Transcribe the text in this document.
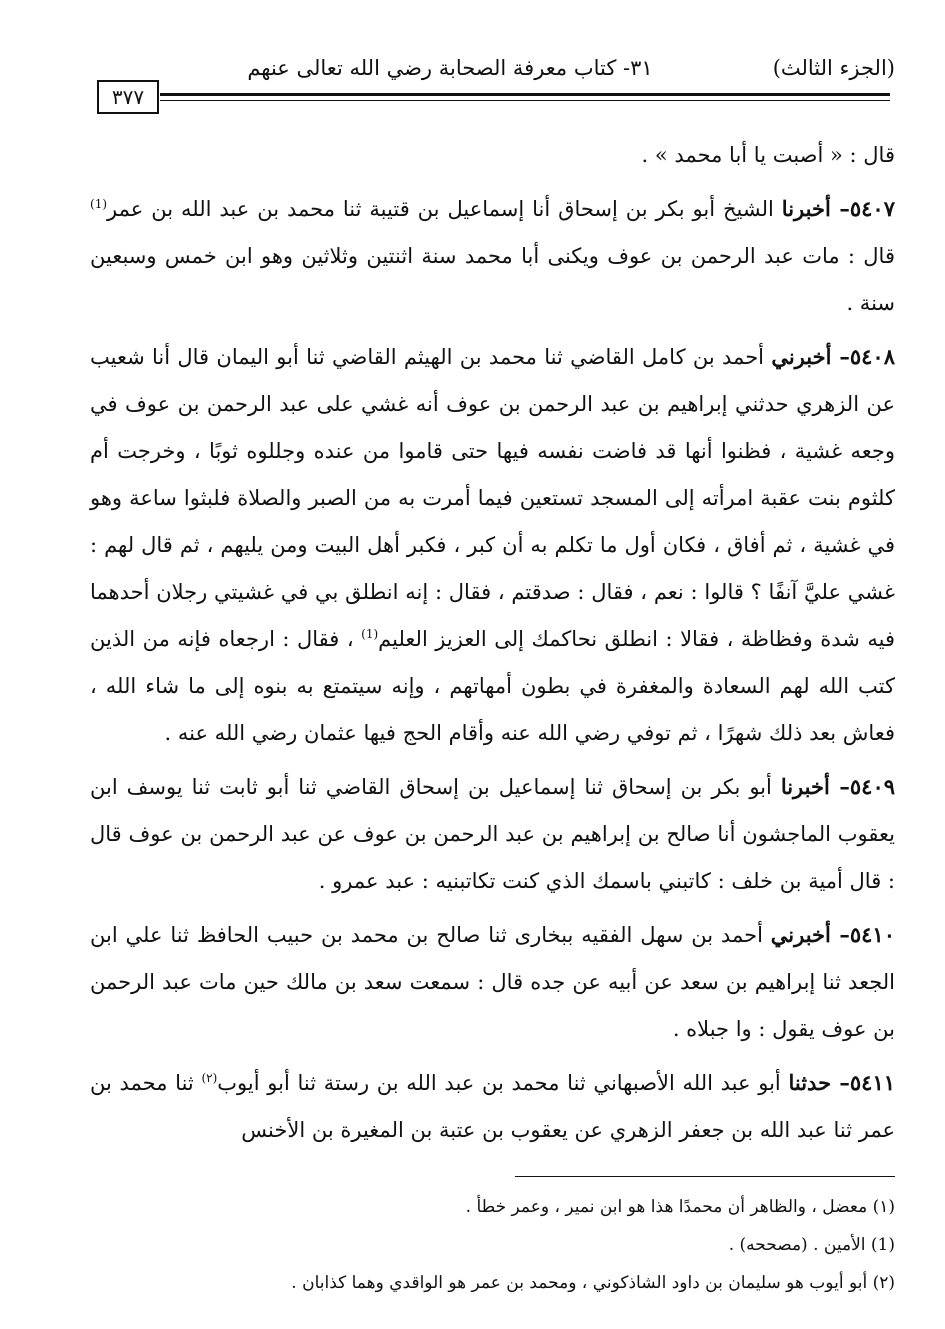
(الجزء الثالث)
٣١- كتاب معرفة الصحابة رضي الله تعالى عنهم
٣٧٧

قال : « أصبت يا أبا محمد » .

٥٤٠٧– أخبرنا الشيخ أبو بكر بن إسحاق أنا إسماعيل بن قتيبة ثنا محمد بن عبد الله بن عمر$^{(1)}$ قال : مات عبد الرحمن بن عوف ويكنى أبا محمد سنة اثنتين وثلاثين وهو ابن خمس وسبعين سنة .

٥٤٠٨– أخبرني أحمد بن كامل القاضي ثنا محمد بن الهيثم القاضي ثنا أبو اليمان قال أنا شعيب عن الزهري حدثني إبراهيم بن عبد الرحمن بن عوف أنه غشي على عبد الرحمن بن عوف في وجعه غشية ، فظنوا أنها قد فاضت نفسه فيها حتى قاموا من عنده وجللوه ثوبًا ، وخرجت أم كلثوم بنت عقبة امرأته إلى المسجد تستعين فيما أمرت به من الصبر والصلاة فلبثوا ساعة وهو في غشية ، ثم أفاق ، فكان أول ما تكلم به أن كبر ، فكبر أهل البيت ومن يليهم ، ثم قال لهم : غشي عليَّ آنفًا ؟ قالوا : نعم ، فقال : صدقتم ، فقال : إنه انطلق بي في غشيتي رجلان أحدهما فيه شدة وفظاظة ، فقالا : انطلق نحاكمك إلى العزيز العليم$^{(1)}$ ، فقال : ارجعاه فإنه من الذين كتب الله لهم السعادة والمغفرة في بطون أمهاتهم ، وإنه سيتمتع به بنوه إلى ما شاء الله ، فعاش بعد ذلك شهرًا ، ثم توفي رضي الله عنه وأقام الحج فيها عثمان رضي الله عنه .

٥٤٠٩– أخبرنا أبو بكر بن إسحاق ثنا إسماعيل بن إسحاق القاضي ثنا أبو ثابت ثنا يوسف ابن يعقوب الماجشون أنا صالح بن إبراهيم بن عبد الرحمن بن عوف عن عبد الرحمن بن عوف قال : قال أمية بن خلف : كاتبني باسمك الذي كنت تكاتبنيه : عبد عمرو .

٥٤١٠– أخبرني أحمد بن سهل الفقيه ببخارى ثنا صالح بن محمد بن حبيب الحافظ ثنا علي ابن الجعد ثنا إبراهيم بن سعد عن أبيه عن جده قال : سمعت سعد بن مالك حين مات عبد الرحمن بن عوف يقول : وا جبلاه .

٥٤١١– حدثنا أبو عبد الله الأصبهاني ثنا محمد بن عبد الله بن رستة ثنا أبو أيوب$^{(٢)}$ ثنا محمد بن عمر ثنا عبد الله بن جعفر الزهري عن يعقوب بن عتبة بن المغيرة بن الأخنس

(١) معضل ، والظاهر أن محمدًا هذا هو ابن نمير ، وعمر خطأ .

(1) الأمين . (مصححه) .

(٢) أبو أيوب هو سليمان بن داود الشاذكوني ، ومحمد بن عمر هو الواقدي وهما كذابان .
